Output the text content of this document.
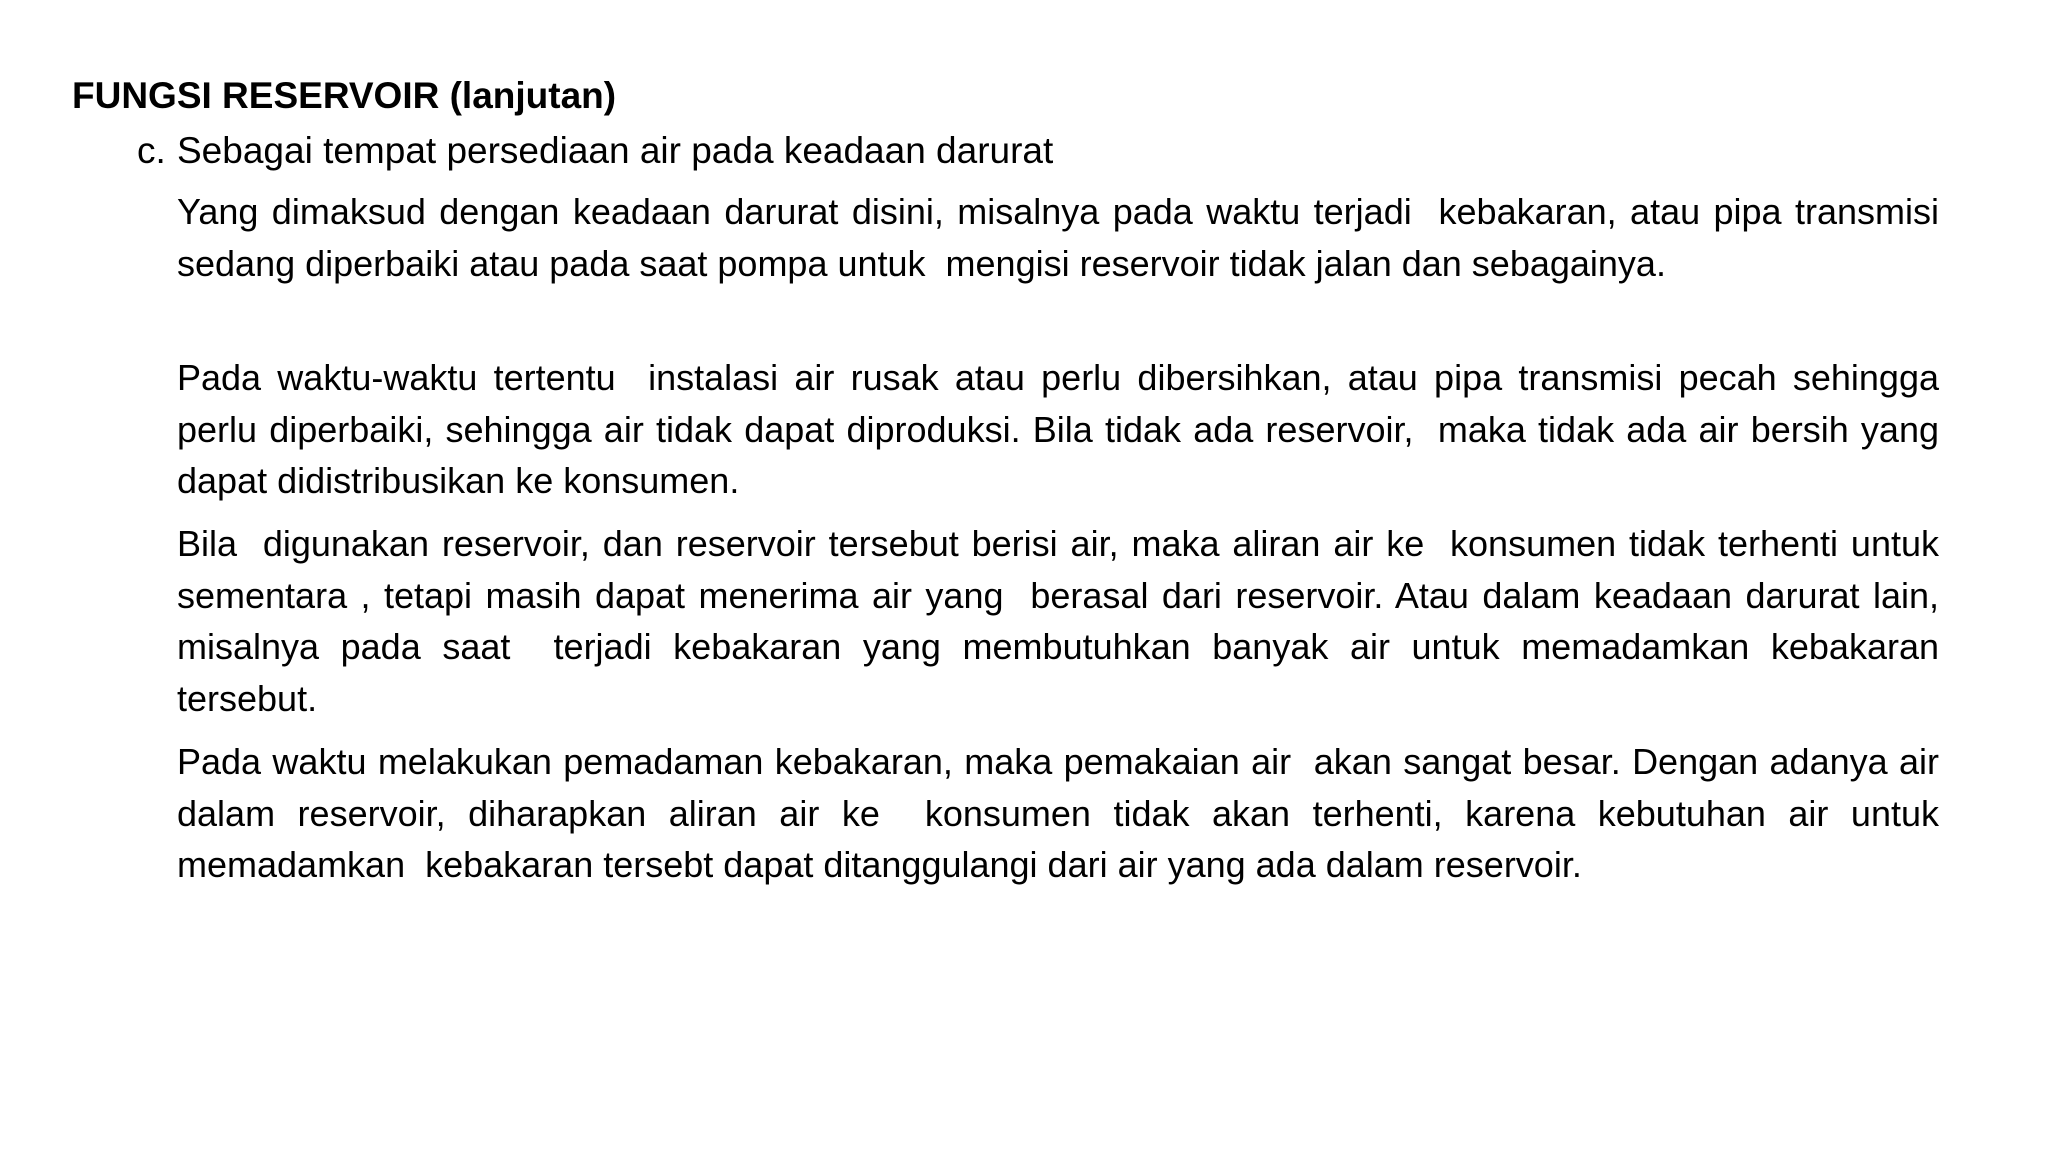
FUNGSI RESERVOIR (lanjutan)
c. Sebagai tempat persediaan air pada keadaan darurat

Yang dimaksud dengan keadaan darurat disini, misalnya pada waktu terjadi  kebakaran, atau pipa transmisi sedang diperbaiki atau pada saat pompa untuk  mengisi reservoir tidak jalan dan sebagainya.

Pada waktu-waktu tertentu  instalasi air rusak atau perlu dibersihkan, atau pipa transmisi pecah sehingga  perlu diperbaiki, sehingga air tidak dapat diproduksi. Bila tidak ada reservoir,  maka tidak ada air bersih yang dapat didistribusikan ke konsumen.

Bila  digunakan reservoir, dan reservoir tersebut berisi air, maka aliran air ke  konsumen tidak terhenti untuk sementara , tetapi masih dapat menerima air yang  berasal dari reservoir. Atau dalam keadaan darurat lain, misalnya pada saat  terjadi kebakaran yang membutuhkan banyak air untuk memadamkan kebakaran  tersebut.

Pada waktu melakukan pemadaman kebakaran, maka pemakaian air  akan sangat besar. Dengan adanya air dalam reservoir, diharapkan aliran air ke  konsumen tidak akan terhenti, karena kebutuhan air untuk memadamkan  kebakaran tersebt dapat ditanggulangi dari air yang ada dalam reservoir.
